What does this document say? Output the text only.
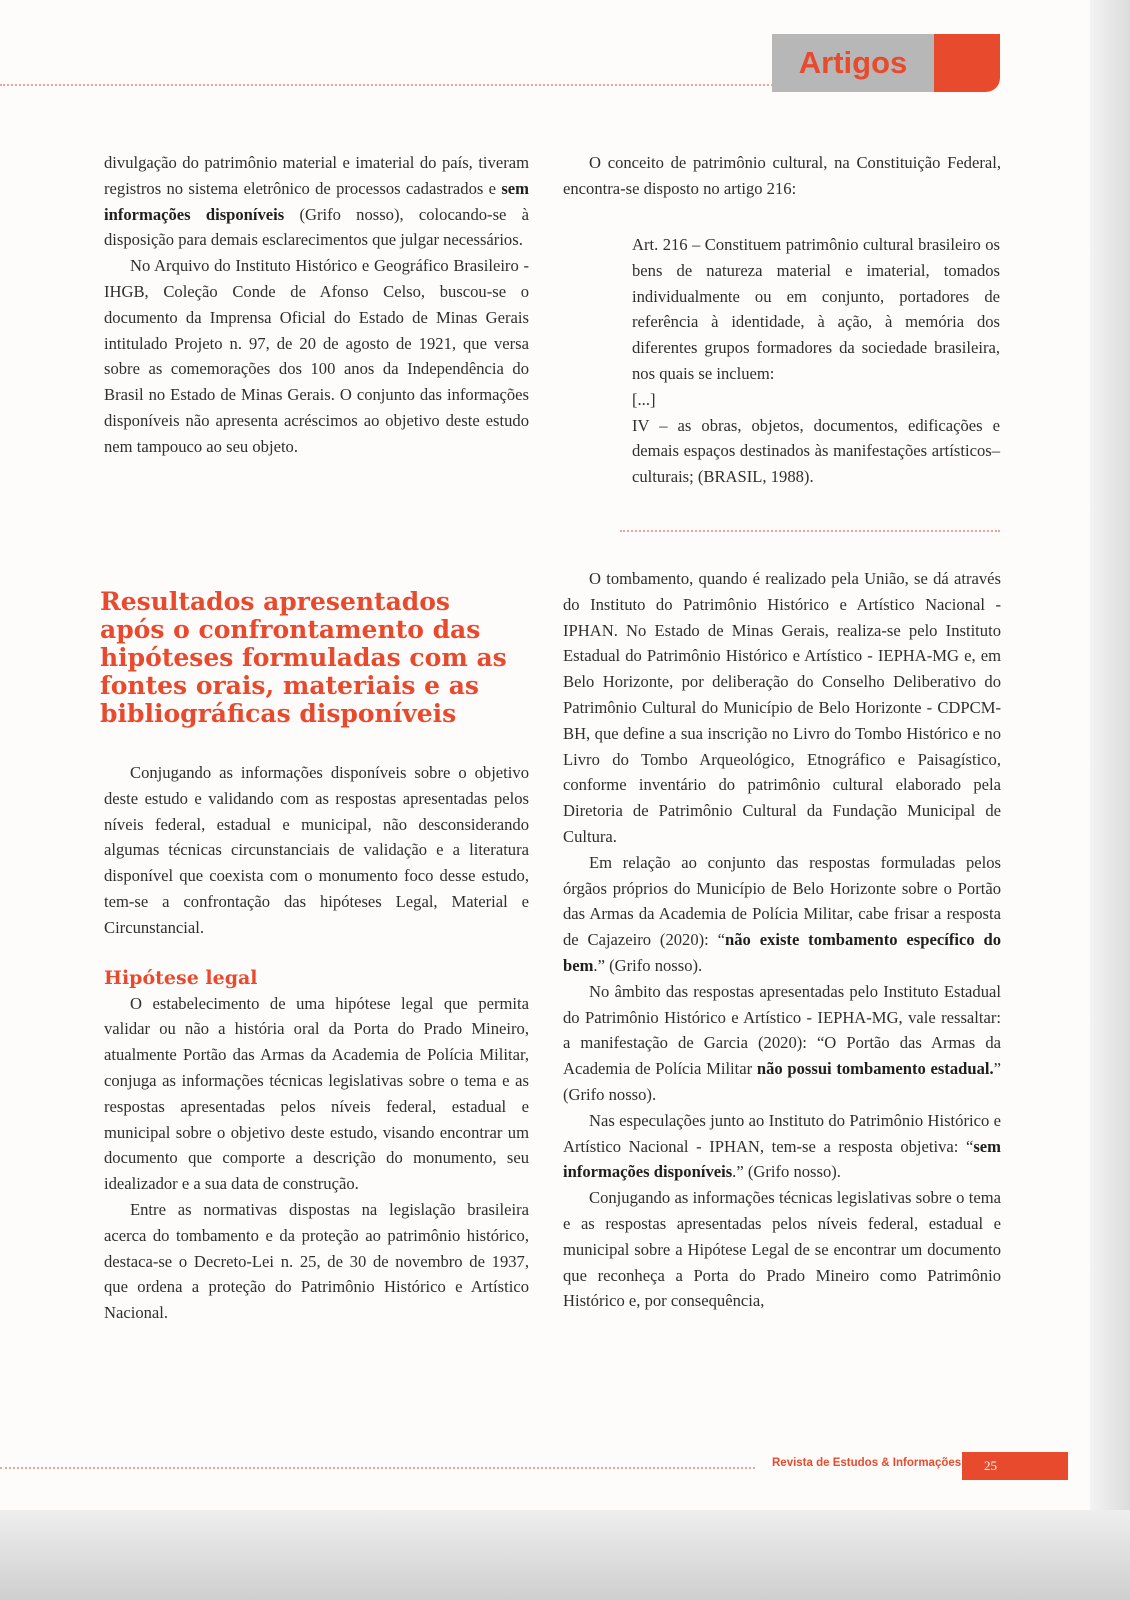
Artigos

divulgação do patrimônio material e imaterial do país, tiveram registros no sistema eletrônico de processos cadastrados e sem informações disponíveis (Grifo nosso), colocando-se à disposição para demais esclarecimentos que julgar necessários.

No Arquivo do Instituto Histórico e Geográfico Brasileiro - IHGB, Coleção Conde de Afonso Celso, buscou-se o documento da Imprensa Oficial do Estado de Minas Gerais intitulado Projeto n. 97, de 20 de agosto de 1921, que versa sobre as comemorações dos 100 anos da Independência do Brasil no Estado de Minas Gerais. O conjunto das informações disponíveis não apresenta acréscimos ao objetivo deste estudo nem tampouco ao seu objeto.

Resultados apresentados após o confrontamento das hipóteses formuladas com as fontes orais, materiais e as bibliográficas disponíveis

Conjugando as informações disponíveis sobre o objetivo deste estudo e validando com as respostas apresentadas pelos níveis federal, estadual e municipal, não desconsiderando algumas técnicas circunstanciais de validação e a literatura disponível que coexista com o monumento foco desse estudo, tem-se a confrontação das hipóteses Legal, Material e Circunstancial.

Hipótese legal

O estabelecimento de uma hipótese legal que permita validar ou não a história oral da Porta do Prado Mineiro, atualmente Portão das Armas da Academia de Polícia Militar, conjuga as informações técnicas legislativas sobre o tema e as respostas apresentadas pelos níveis federal, estadual e municipal sobre o objetivo deste estudo, visando encontrar um documento que comporte a descrição do monumento, seu idealizador e a sua data de construção.

Entre as normativas dispostas na legislação brasileira acerca do tombamento e da proteção ao patrimônio histórico, destaca-se o Decreto-Lei n. 25, de 30 de novembro de 1937, que ordena a proteção do Patrimônio Histórico e Artístico Nacional.

O conceito de patrimônio cultural, na Constituição Federal, encontra-se disposto no artigo 216:

Art. 216 – Constituem patrimônio cultural brasileiro os bens de natureza material e imaterial, tomados individualmente ou em conjunto, portadores de referência à identidade, à ação, à memória dos diferentes grupos formadores da sociedade brasileira, nos quais se incluem:

[...]

IV – as obras, objetos, documentos, edificações e demais espaços destinados às manifestações artísticos–culturais; (BRASIL, 1988).

O tombamento, quando é realizado pela União, se dá através do Instituto do Patrimônio Histórico e Artístico Nacional - IPHAN. No Estado de Minas Gerais, realiza-se pelo Instituto Estadual do Patrimônio Histórico e Artístico - IEPHA-MG e, em Belo Horizonte, por deliberação do Conselho Deliberativo do Patrimônio Cultural do Município de Belo Horizonte - CDPCM-BH, que define a sua inscrição no Livro do Tombo Histórico e no Livro do Tombo Arqueológico, Etnográfico e Paisagístico, conforme inventário do patrimônio cultural elaborado pela Diretoria de Patrimônio Cultural da Fundação Municipal de Cultura.

Em relação ao conjunto das respostas formuladas pelos órgãos próprios do Município de Belo Horizonte sobre o Portão das Armas da Academia de Polícia Militar, cabe frisar a resposta de Cajazeiro (2020): “não existe tombamento específico do bem.” (Grifo nosso).

No âmbito das respostas apresentadas pelo Instituto Estadual do Patrimônio Histórico e Artístico - IEPHA-MG, vale ressaltar: a manifestação de Garcia (2020): “O Portão das Armas da Academia de Polícia Militar não possui tombamento estadual.” (Grifo nosso).

Nas especulações junto ao Instituto do Patrimônio Histórico e Artístico Nacional - IPHAN, tem-se a resposta objetiva: “sem informações disponíveis.” (Grifo nosso).

Conjugando as informações técnicas legislativas sobre o tema e as respostas apresentadas pelos níveis federal, estadual e municipal sobre a Hipótese Legal de se encontrar um documento que reconheça a Porta do Prado Mineiro como Patrimônio Histórico e, por consequência,

Revista de Estudos & Informações 25
